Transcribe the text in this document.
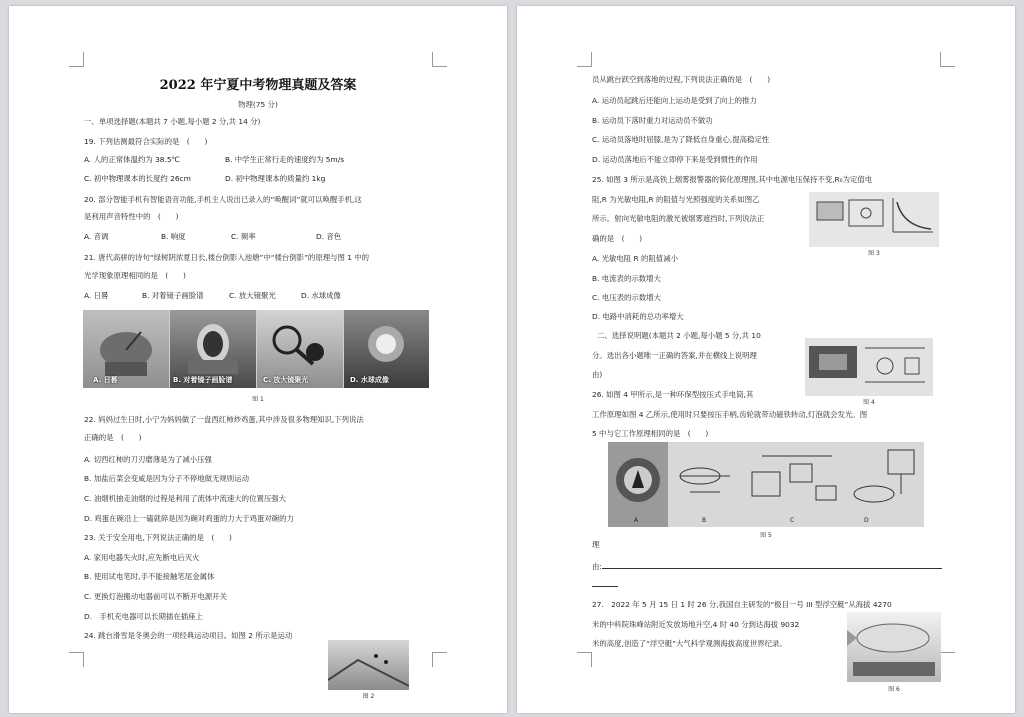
2022 年宁夏中考物理真题及答案
物理(75 分)
一、单项选择题(本题共 7 小题,每小题 2 分,共 14 分)
19. 下列估测最符合实际的是　(　　)
A. 人的正常体温约为 38.5℃	B. 中学生正常行走的速度约为 5m/s
C. 初中物理课本的长度约 26cm	D. 初中物理课本的质量约 1kg
20. 部分智能手机有智能语音功能,手机主人说出已录入的“唤醒词”就可以唤醒手机,这
是利用声音特性中的　(　　)
A. 音调	B. 响度	C. 频率	D. 音色
21. 唐代高骈的诗句“绿树阴浓夏日长,楼台倒影入池塘”中“楼台倒影”的原理与图 1 中的
光学现象原理相同的是　(　　)
A. 日晷	B. 对着镜子画脸谱	C. 放大镜聚光	D. 水球成像
A. 日晷	B. 对着镜子画脸谱	C. 放大镜聚光	D. 水球成像
图 1
22. 妈妈过生日时,小宁为妈妈做了一盘西红柿炒鸡蛋,其中涉及很多物理知识,下列说法
正确的是　(　　)
A. 切西红柿的刀刃磨薄是为了减小压强
B. 加盐后菜会变咸是因为分子不停地做无规则运动
C. 油烟机抽走油烟的过程是利用了流体中流速大的位置压强大
D. 鸡蛋在碗沿上一磕就碎是因为碗对鸡蛋的力大于鸡蛋对碗的力
23. 关于安全用电,下列说法正确的是　(　　)
A. 家用电器失火时,应先断电后灭火
B. 使用试电笔时,手不能接触笔尾金属体
C. 更换灯泡搬动电器前可以不断开电源开关
D.　手机充电器可以长期插在插座上
24. 跳台滑雪是冬奥会的一项经典运动项目。如图 2 所示是运动
图 2
员从跳台跃空到落地的过程,下列说法正确的是　(　　)
A. 运动员起跳后还能向上运动是受到了向上的推力
B. 运动员下落时重力对运动员不做功
C. 运动员落地时屈膝,是为了降低自身重心,提高稳定性
D. 运动员落地后不能立即停下来是受到惯性的作用
25. 如图 3 所示是高铁上烟雾报警器的简化原理图,其中电源电压保持不变,R₀为定值电
阻,R 为光敏电阻,R 的阻值与光照强度的关系如图乙
所示。射向光敏电阻的激光被烟雾遮挡时,下列说法正
确的是　(　　)
图 3
A. 光敏电阻 R 的阻值减小
B. 电流表的示数增大
C. 电压表的示数增大
D. 电路中消耗的总功率增大
二、选择说明题(本题共 2 小题,每小题 5 分,共 10
分。选出各小题唯一正确的答案,并在横线上说明理
由)
图 4
26. 如图 4 甲所示,是一种环保型按压式手电筒,其
工作原理如图 4 乙所示,使用时只要按压手柄,齿轮就带动磁铁转动,灯泡就会发光。图
5 中与它工作原理相同的是　(　　)
A	B	C	D
图 5
理
由:
27.　2022 年 5 月 15 日 1 时 26 分,我国自主研发的“极目一号 III 型浮空艇”从海拔 4270
米的中科院珠峰站附近发放场地升空,4 时 40 分到达海拔 9032
米的高度,创造了“浮空艇”大气科学观测海拔高度世界纪录。
图 6
